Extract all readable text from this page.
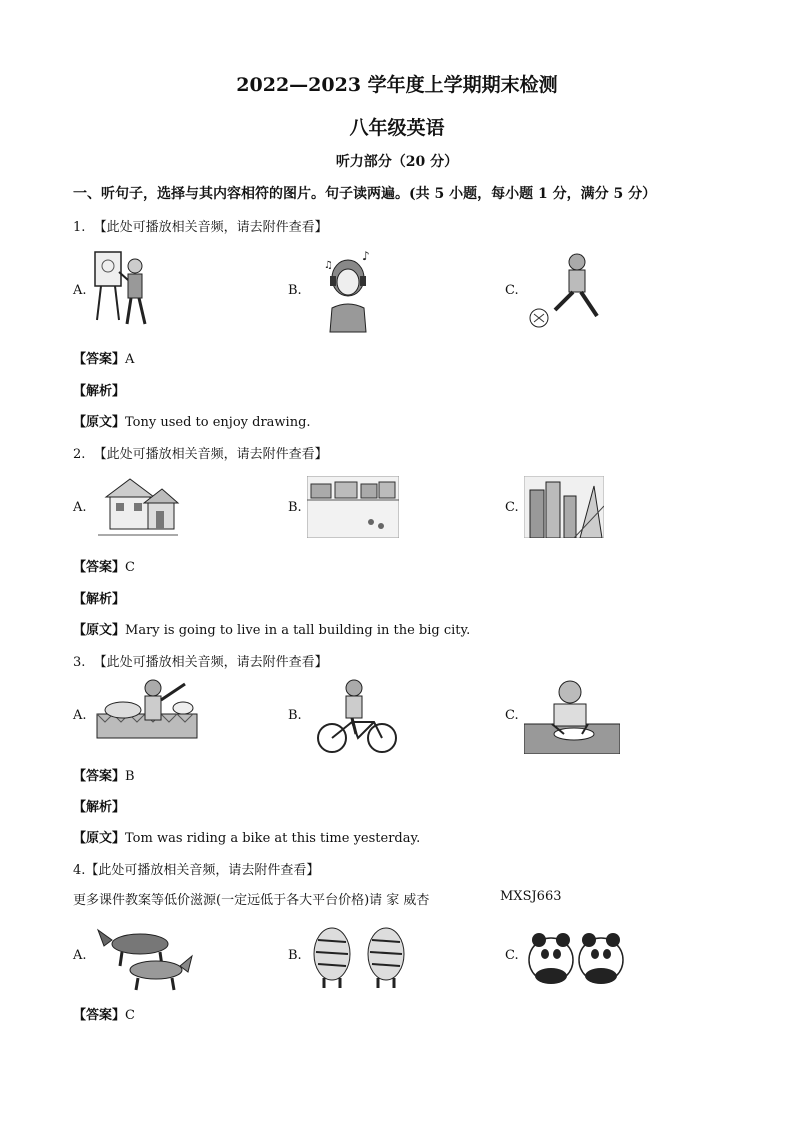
2022—2023 学年度上学期期末检测
八年级英语
听力部分（20 分）
一、听句子，选择与其内容相符的图片。句子读两遍。(共 5 小题，每小题 1 分，满分 5 分）
1. 【此处可播放相关音频，请去附件查看】
A.	B.
♪
♫
C.
【答案】A
【解析】
【原文】Tony used to enjoy drawing.
2. 【此处可播放相关音频，请去附件查看】
A.	B.	C.
【答案】C
【解析】
【原文】Mary is going to live in a tall building in the big city.
3. 【此处可播放相关音频，请去附件查看】
A.	B.	C.
【答案】B
【解析】
【原文】Tom was riding a bike at this time yesterday.
4.【此处可播放相关音频，请去附件查看】
更多课件教案等低价滋源(一定远低于各大平台价格)请 家 威杏	MXSJ663
A.	B.	C.
【答案】C
